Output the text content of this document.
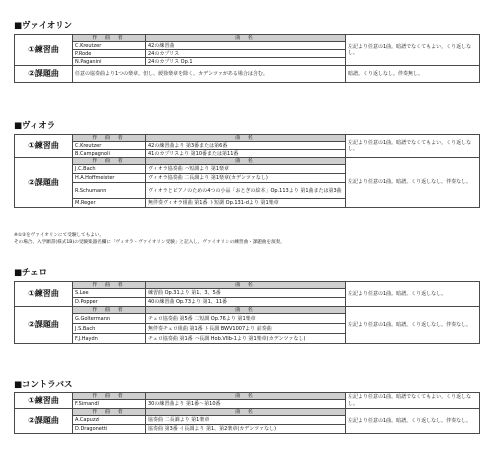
■ヴァイオリン
①練習曲	作 曲 者	曲 名	左記より任意の1曲。暗譜でなくてもよい。くり返しなし。
	C.Kreutzer	42の練習曲	
	P.Rode	24のカプリス	
	N.Paganini	24のカプリス Op.1	
②課題曲	任意の協奏曲より1つの楽章。但し、緩徐楽章を除く。カデンツァがある場合は含む。		暗譜。くり返しなし。伴奏無し。
■ヴィオラ
①練習曲	作 曲 者	曲 名	左記より任意の1曲。暗譜でなくてもよい。くり返しなし。
	C.Kreutzer	42の練習曲より 第3番または第6番	
	B.Campagnoli	41のカプリスより 第10番または第11番	
②課題曲	作 曲 者	曲 名	左記より任意の1曲。暗譜。くり返しなし。伴奏なし。
	J.C.Bach	ヴィオラ協奏曲 ハ短調より 第1楽章	
	H.A.Hoffmeister	ヴィオラ協奏曲 二長調より 第1楽章(カデンツァなし)	
	R.Schumann	ヴィオラとピアノのための4つの小品「おとぎの絵本」Op.113より 第1曲または第3曲	
	M.Reger	無伴奏ヴィオラ組曲 第1番 ト短調 Op.131-dより 第1楽章	
※①②をヴァイオリンにて受験してもよい。
その場合、入学願書(様式1B)の受験楽器名欄に「ヴィオラ・ヴァイオリン受験」と記入し、ヴァイオリンの練習曲・課題曲を演奏。
■チェロ
①練習曲	作 曲 者	曲 名	左記より任意の1曲。暗譜。くり返しなし。
	S.Lee	練習曲 Op.31より 第1、3、5番	
	D.Popper	40の練習曲 Op.73より 第1、11番	
②課題曲	作 曲 者	曲 名	左記より任意の1曲。暗譜。くり返しなし。伴奏なし。
	G.Goltermann	チェロ協奏曲 第5番 二短調 Op.76より 第1楽章	
	J.S.Bach	無伴奏チェロ組曲 第1番 ト長調 BWV1007より 前奏曲	
	F.J.Haydn	チェロ協奏曲 第1番 ハ長調 Hob.VIIb-1より 第1楽章(カデンツァなし)	
■コントラバス
①練習曲	作 曲 者	曲 名	左記より任意の1曲。暗譜でなくてもよい。くり返しなし。
	F.Simandl	30の練習曲より 第1番〜第10番	
②課題曲	作 曲 者	曲 名	左記より任意の1曲。暗譜。くり返しなし。伴奏なし。
	A.Capuzzi	協奏曲 二長調より 第1楽章	
	D.Dragonetti	協奏曲 第3番 イ長調より 第1、第2楽章(カデンツァなし)	
